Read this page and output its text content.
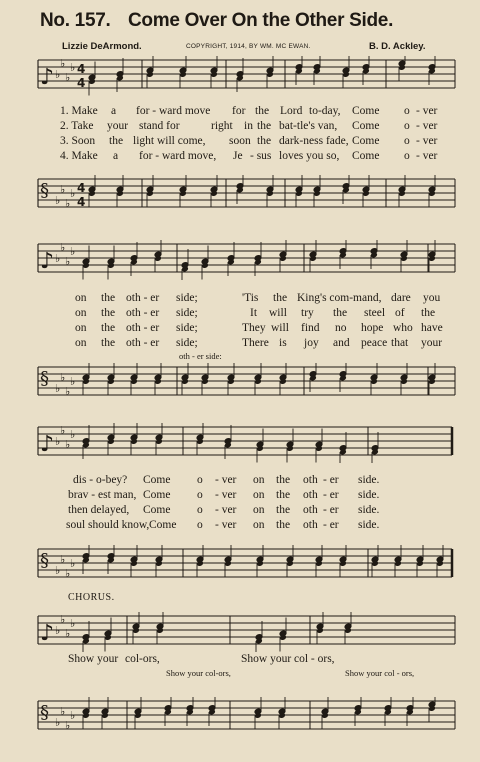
No. 157. Come Over On the Other Side.
Lizzie DeArmond.	COPYRIGHT, 1914, BY WM. MC EWAN.	B. D. Ackley.
♪ ♭
♭
♭
♭ 4
4
§ ♭
♭
♭
♭ 4
4
♪ ♭
♭
♭
♭
§ ♭
♭
♭
♭
♪ ♭
♭
♭
♭
§ ♭
♭
♭
♭
♪ ♭
♭
♭
♭
§ ♭
♭
♭
♭
1. Make a for - ward move for the Lord to-day, Come o - ver
2. Take your stand for	right in the bat-tle's van, Come o - ver
3. Soon the light will come, soon the dark-ness fade, Come o - ver
4. Make a for - ward move, Je - sus loves you so, Come o - ver
on the oth - er side;	'Tis the King's com-mand, dare you
on the oth - er side;	It will try the steel of the
on the oth - er side;	They will find no hope who have
on the oth - er side;	There is joy and peace that your
oth - er side:
dis - o-bey? Come o - ver on the oth - er side.
brav - est man, Come o - ver on the oth - er side.
then delayed, Come o - ver on the oth - er side.
soul should know, Come o - ver on the oth - er side.
CHORUS.
Show your col-ors,	Show your col - ors,
Show your col-ors,	Show your col - ors,
